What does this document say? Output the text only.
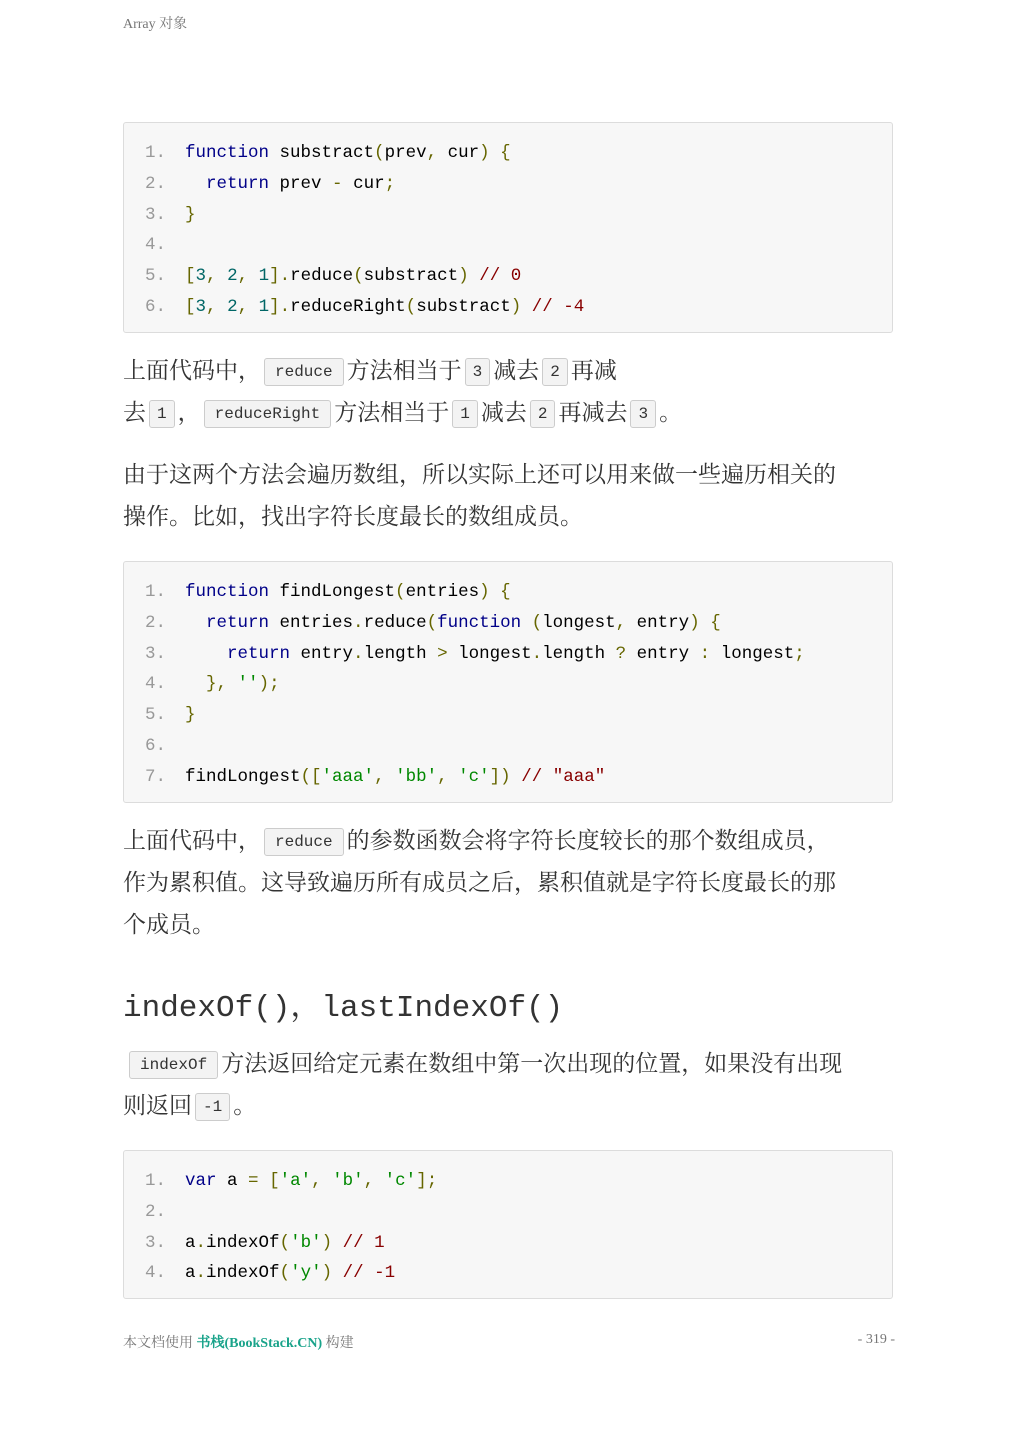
Array 对象
1.	function substract(prev, cur) {
2.	return prev - cur;
3.	}
4.
5.	[3, 2, 1].reduce(substract) // 0
6.	[3, 2, 1].reduceRight(substract) // -4
上面代码中， reduce 方法相当于 3 减去 2 再减
去 1 ， reduceRight 方法相当于 1 减去 2 再减去 3 。
由于这两个方法会遍历数组，所以实际上还可以用来做一些遍历相关的
操作。比如，找出字符长度最长的数组成员。
1.	function findLongest(entries) {
2.	return entries.reduce(function (longest, entry) {
3.	return entry.length > longest.length ? entry : longest;
4.	}, '');
5.	}
6.
7.	findLongest(['aaa', 'bb', 'c']) // "aaa"
上面代码中， reduce 的参数函数会将字符长度较长的那个数组成员，
作为累积值。这导致遍历所有成员之后，累积值就是字符长度最长的那
个成员。
indexOf()，lastIndexOf()
indexOf 方法返回给定元素在数组中第一次出现的位置，如果没有出现
则返回 -1 。
1.	var a = ['a', 'b', 'c'];
2.
3.	a.indexOf('b') // 1
4.	a.indexOf('y') // -1
本文档使用 书栈(BookStack.CN) 构建	- 319 -
